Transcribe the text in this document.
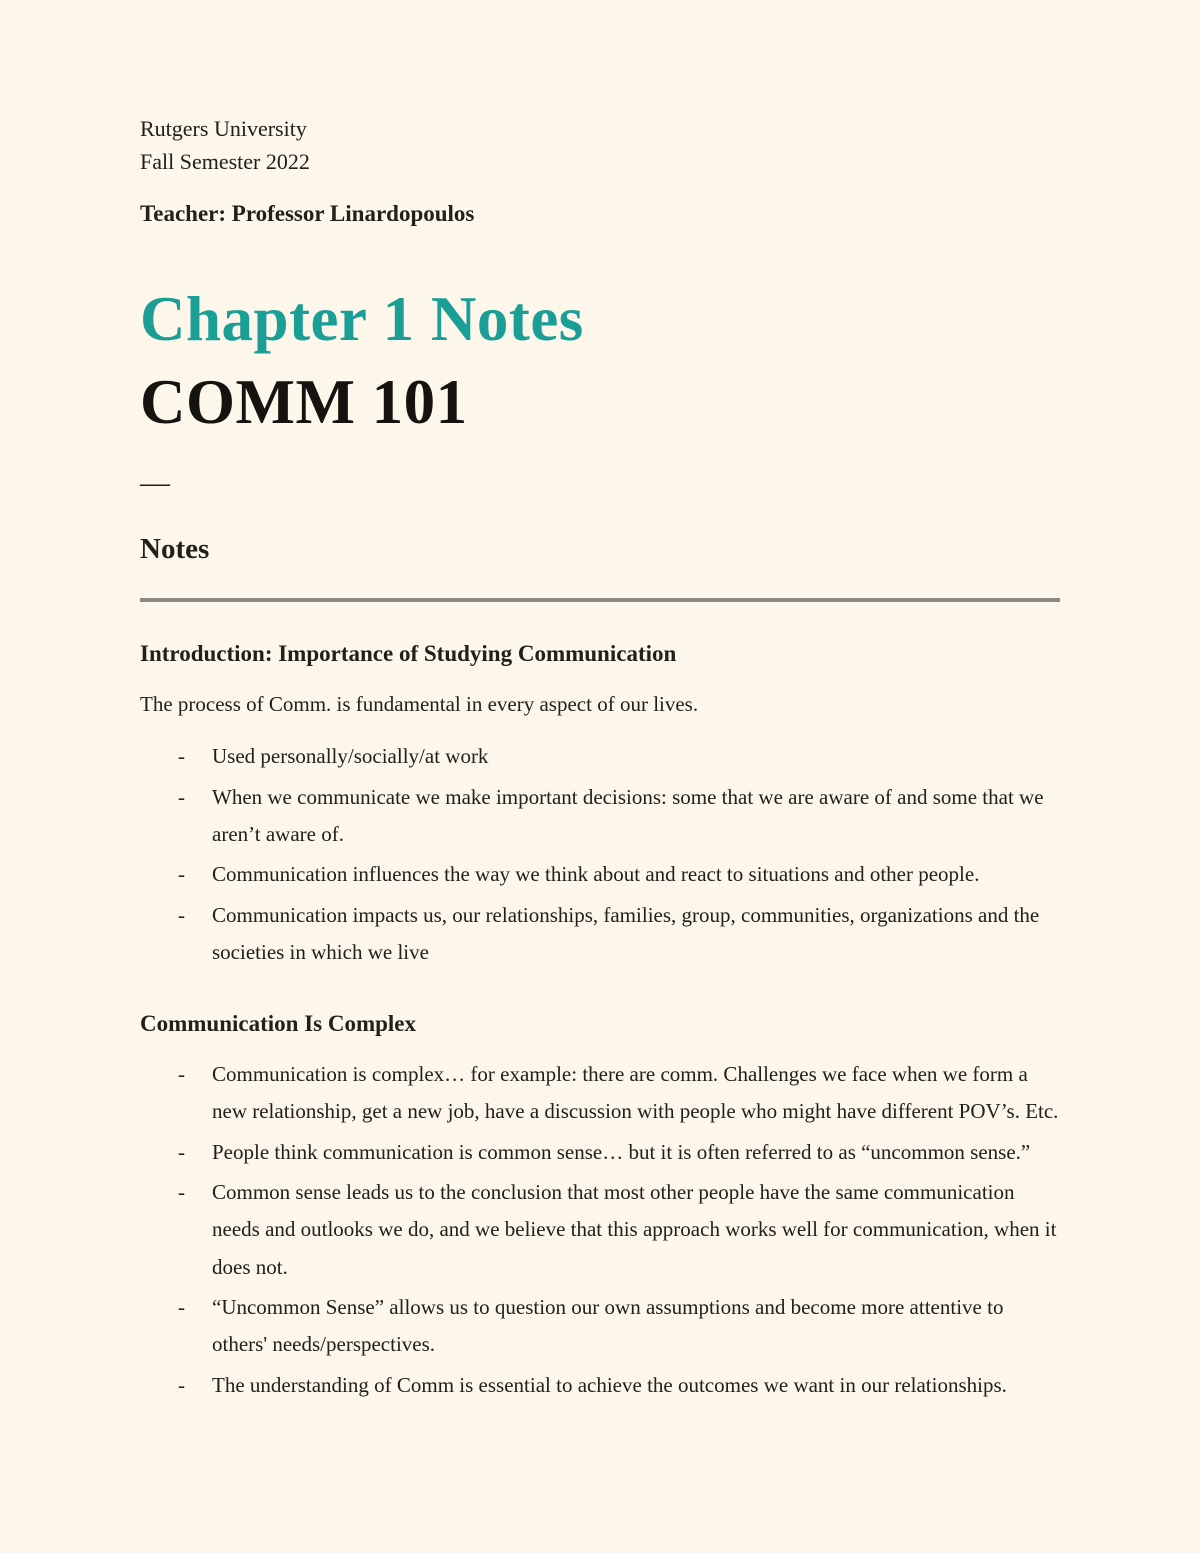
Rutgers University

Fall Semester 2022

Teacher: Professor Linardopoulos

Chapter 1 Notes
COMM 101

—

Notes
Introduction: Importance of Studying Communication

The process of Comm. is fundamental in every aspect of our lives.

- Used personally/socially/at work
- When we communicate we make important decisions: some that we are aware of and some that we aren’t aware of.
- Communication influences the way we think about and react to situations and other people.
- Communication impacts us, our relationships, families, group, communities, organizations and the societies in which we live
Communication Is Complex
- Communication is complex… for example: there are comm. Challenges we face when we form a new relationship, get a new job, have a discussion with people who might have different POV’s. Etc.
- People think communication is common sense… but it is often referred to as “uncommon sense.”
- Common sense leads us to the conclusion that most other people have the same communication needs and outlooks we do, and we believe that this approach works well for communication, when it does not.
- “Uncommon Sense” allows us to question our own assumptions and become more attentive to others' needs/perspectives.
- The understanding of Comm is essential to achieve the outcomes we want in our relationships.
